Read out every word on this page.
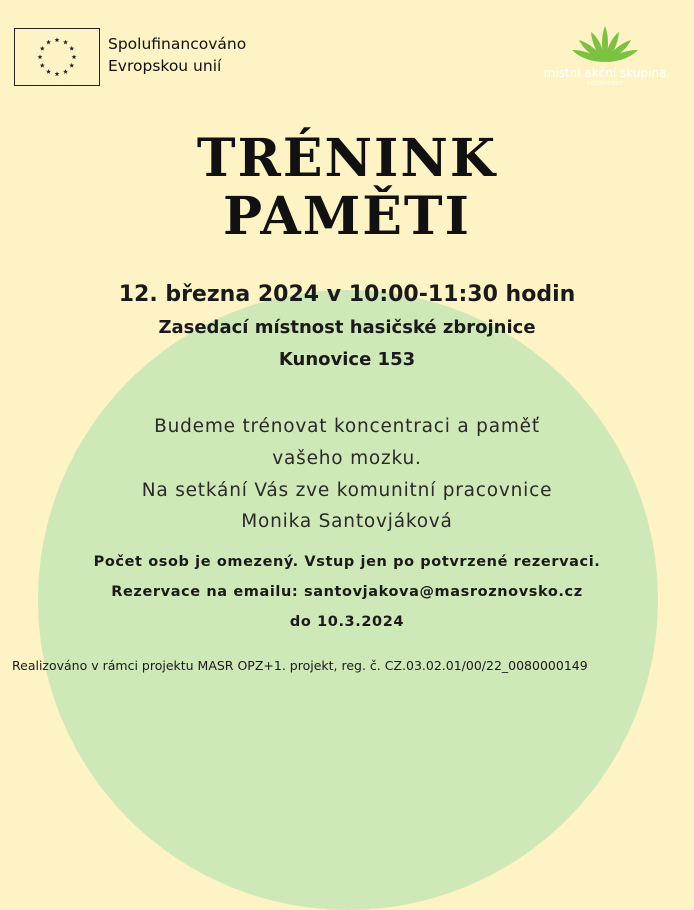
Spolufinancováno
Evropskou unií	místní akční skupina
ROŽNOVSKO
TRÉNINK
PAMĚTI
12. března 2024 v 10:00-11:30 hodin
Zasedací místnost hasičské zbrojnice
Kunovice 153
Budeme trénovat koncentraci a paměť
vašeho mozku.
Na setkání Vás zve komunitní pracovnice
Monika Santovjáková
Počet osob je omezený. Vstup jen po potvrzené rezervaci.
Rezervace na emailu: santovjakova@masroznovsko.cz
do 10.3.2024
Realizováno v rámci projektu MASR OPZ+1. projekt, reg. č. CZ.03.02.01/00/22_0080000149
